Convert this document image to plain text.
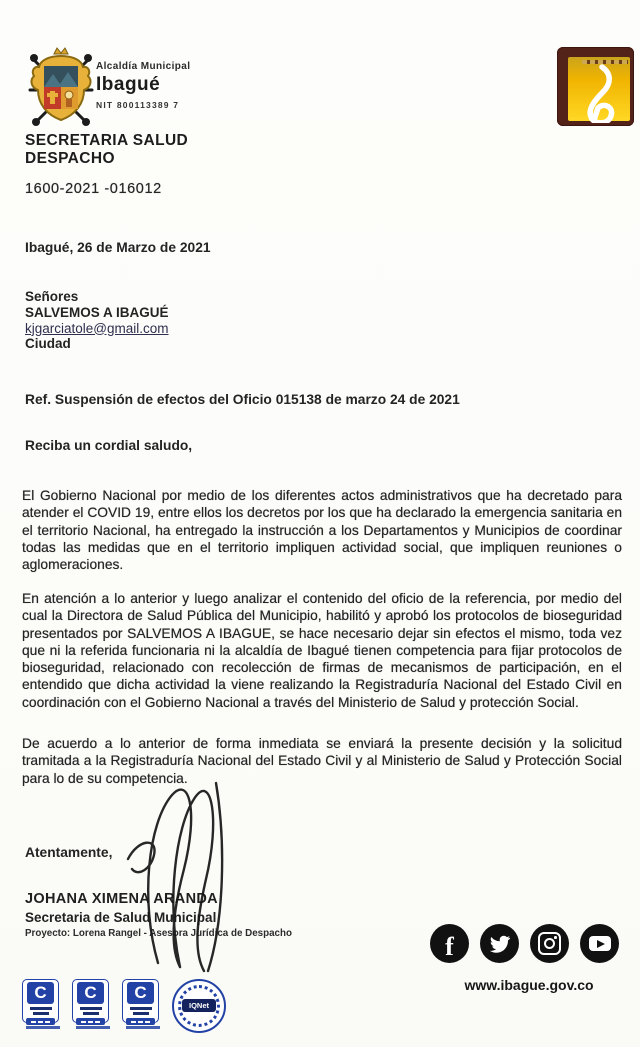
Alcaldía Municipal
Ibagué
NIT 800113389 7
SECRETARIA SALUD
DESPACHO
1600-2021 -016012
Ibagué, 26 de Marzo de 2021
Señores
SALVEMOS A IBAGUÉ
kjgarciatole@gmail.com
Ciudad
Ref. Suspensión de efectos del Oficio 015138 de marzo 24 de 2021
Reciba un cordial saludo,
El Gobierno Nacional por medio de los diferentes actos administrativos que ha decretado para atender el COVID 19, entre ellos los decretos por los que ha declarado la emergencia sanitaria en el territorio Nacional, ha entregado la instrucción a los Departamentos y Municipios de coordinar todas las medidas que en el territorio impliquen actividad social, que impliquen reuniones o aglomeraciones.
En atención a lo anterior y luego analizar el contenido del oficio de la referencia, por medio del cual la Directora de Salud Pública del Municipio, habilitó y aprobó los protocolos de bioseguridad presentados por SALVEMOS A IBAGUE, se hace necesario dejar sin efectos el mismo, toda vez que ni la referida funcionaria ni la alcaldía de Ibagué tienen competencia para fijar protocolos de bioseguridad, relacionado con recolección de firmas de mecanismos de participación, en el entendido que dicha actividad la viene realizando la Registraduría Nacional del Estado Civil en coordinación con el Gobierno Nacional a través del Ministerio de Salud y protección Social.
De acuerdo a lo anterior de forma inmediata se enviará la presente decisión y la solicitud tramitada a la Registraduría Nacional del Estado Civil y al Ministerio de Salud y Protección Social para lo de su competencia.
Atentamente,
JOHANA XIMENA ARANDA
Secretaria de Salud Municipal
Proyecto: Lorena Rangel - Asesora Jurídica de Despacho	f
www.ibague.gov.co
C	C	C
IQNet
